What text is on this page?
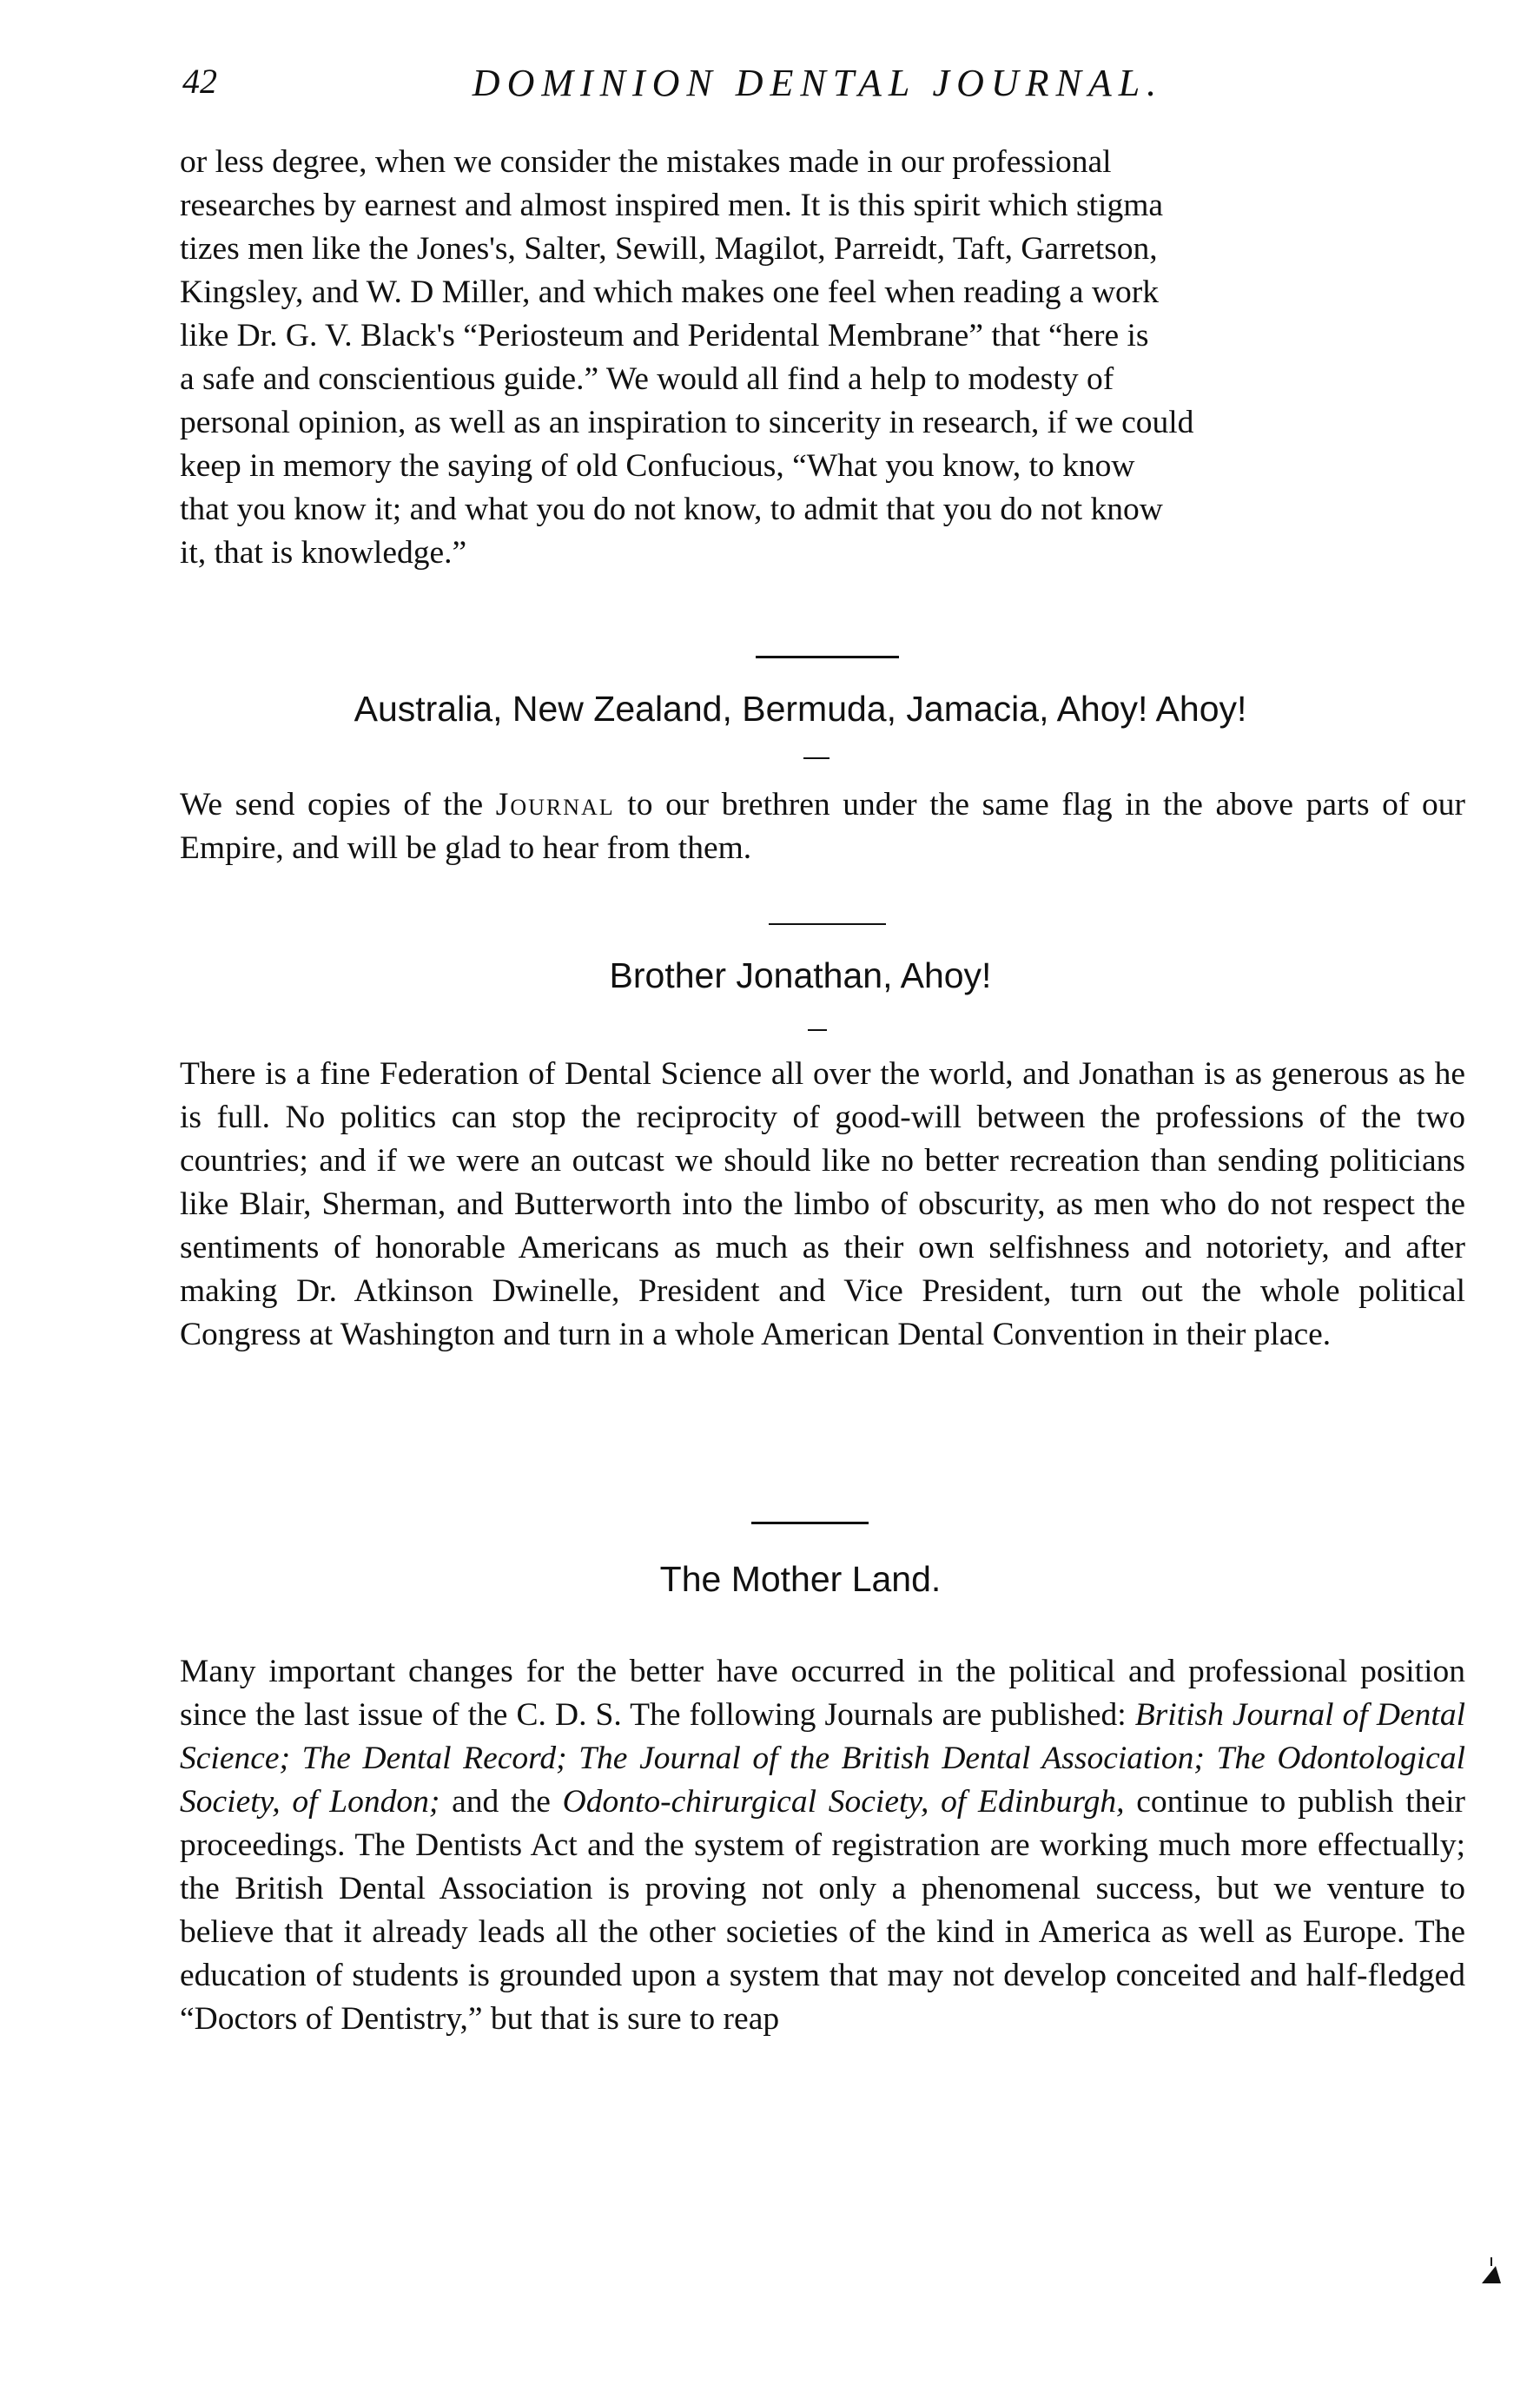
42	DOMINION DENTAL JOURNAL.
or less degree, when we consider the mistakes made in our professional
researches by earnest and almost inspired men. It is this spirit which stigma
tizes men like the Jones's, Salter, Sewill, Magilot, Parreidt, Taft, Garretson,
Kingsley, and W. D Miller, and which makes one feel when reading a work
like Dr. G. V. Black's “Periosteum and Peridental Membrane” that “here is
a safe and conscientious guide.” We would all find a help to modesty of
personal opinion, as well as an inspiration to sincerity in research, if we could
keep in memory the saying of old Confucious, “What you know, to know
that you know it; and what you do not know, to admit that you do not know
it, that is knowledge.”
Australia, New Zealand, Bermuda, Jamacia, Ahoy! Ahoy!
We send copies of the Journal to our brethren under the same flag in the above parts of our Empire, and will be glad to hear from them.
Brother Jonathan, Ahoy!
There is a fine Federation of Dental Science all over the world, and Jonathan is as generous as he is full. No politics can stop the reciprocity of good-will between the professions of the two countries; and if we were an outcast we should like no better recreation than sending politicians like Blair, Sherman, and Butterworth into the limbo of obscurity, as men who do not respect the sentiments of honorable Americans as much as their own selfishness and notoriety, and after making Dr. Atkinson Dwinelle, President and Vice President, turn out the whole political Congress at Washington and turn in a whole American Dental Convention in their place.
The Mother Land.
Many important changes for the better have occurred in the political and professional position since the last issue of the C. D. S. The following Journals are published: British Journal of Dental Science; The Dental Record; The Journal of the British Dental Association; The Odontological Society, of London; and the Odonto-chirurgical Society, of Edinburgh, continue to publish their proceedings. The Dentists Act and the system of registration are working much more effectually; the British Dental Association is proving not only a phenomenal success, but we venture to believe that it already leads all the other societies of the kind in America as well as Europe. The education of students is grounded upon a system that may not develop conceited and half-fledged “Doctors of Dentistry,” but that is sure to reap
